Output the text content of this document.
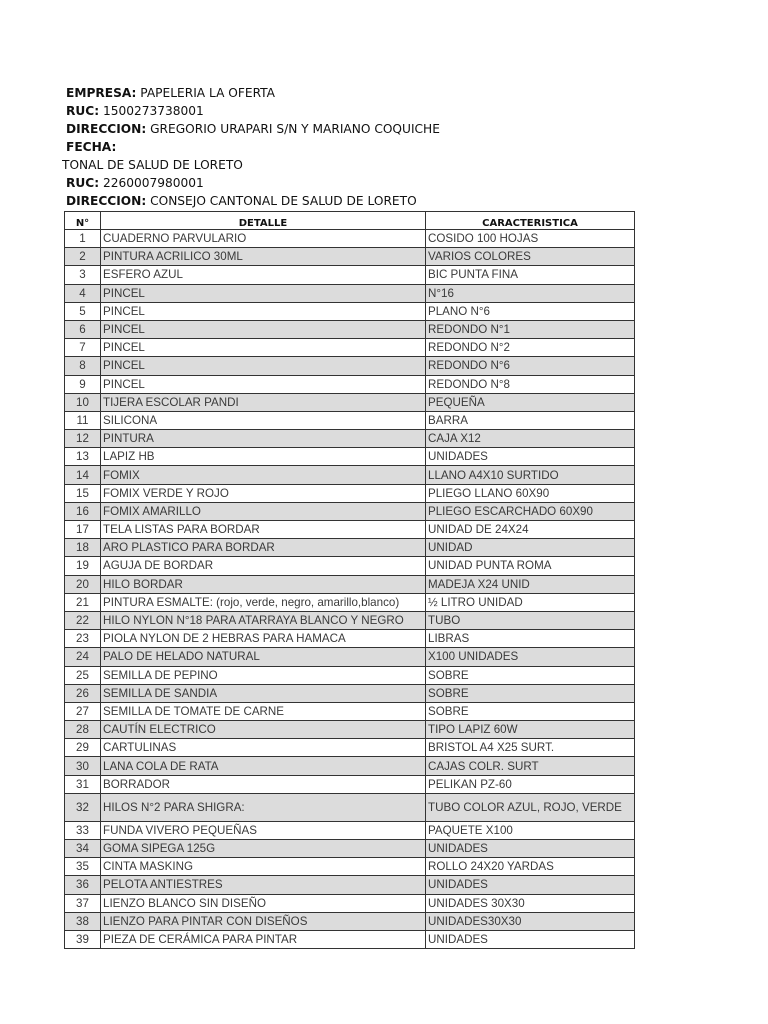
EMPRESA: PAPELERIA LA OFERTA
RUC: 1500273738001
DIRECCION: GREGORIO URAPARI S/N Y MARIANO COQUICHE
FECHA:
TONAL DE SALUD DE LORETO
RUC: 2260007980001
DIRECCION: CONSEJO CANTONAL DE SALUD DE LORETO
N°	DETALLE	CARACTERISTICA
1	CUADERNO PARVULARIO	COSIDO 100 HOJAS
2	PINTURA ACRILICO 30ML	VARIOS COLORES
3	ESFERO AZUL	BIC PUNTA FINA
4	PINCEL	N°16
5	PINCEL	PLANO N°6
6	PINCEL	REDONDO N°1
7	PINCEL	REDONDO N°2
8	PINCEL	REDONDO N°6
9	PINCEL	REDONDO N°8
10	TIJERA ESCOLAR PANDI	PEQUEÑA
11	SILICONA	BARRA
12	PINTURA	CAJA X12
13	LAPIZ HB	UNIDADES
14	FOMIX	LLANO A4X10 SURTIDO
15	FOMIX VERDE Y ROJO	PLIEGO LLANO 60X90
16	FOMIX AMARILLO	PLIEGO ESCARCHADO 60X90
17	TELA LISTAS PARA BORDAR	UNIDAD DE 24X24
18	ARO PLASTICO PARA BORDAR	UNIDAD
19	AGUJA DE BORDAR	UNIDAD PUNTA ROMA
20	HILO BORDAR	MADEJA X24 UNID
21	PINTURA ESMALTE: (rojo, verde, negro, amarillo,blanco)	½ LITRO UNIDAD
22	HILO NYLON N°18 PARA ATARRAYA BLANCO Y NEGRO	TUBO
23	PIOLA NYLON DE 2 HEBRAS PARA HAMACA	LIBRAS
24	PALO DE HELADO NATURAL	X100 UNIDADES
25	SEMILLA DE PEPINO	SOBRE
26	SEMILLA DE SANDIA	SOBRE
27	SEMILLA DE TOMATE DE CARNE	SOBRE
28	CAUTÍN ELECTRICO	TIPO LAPIZ 60W
29	CARTULINAS	BRISTOL A4 X25 SURT.
30	LANA COLA DE RATA	CAJAS COLR. SURT
31	BORRADOR	PELIKAN PZ-60
32	HILOS N°2 PARA SHIGRA:	TUBO COLOR AZUL, ROJO, VERDE
33	FUNDA VIVERO PEQUEÑAS	PAQUETE X100
34	GOMA SIPEGA 125G	UNIDADES
35	CINTA MASKING	ROLLO 24X20 YARDAS
36	PELOTA ANTIESTRES	UNIDADES
37	LIENZO BLANCO SIN DISEÑO	UNIDADES 30X30
38	LIENZO PARA PINTAR CON DISEÑOS	UNIDADES30X30
39	PIEZA DE CERÁMICA PARA PINTAR	UNIDADES
